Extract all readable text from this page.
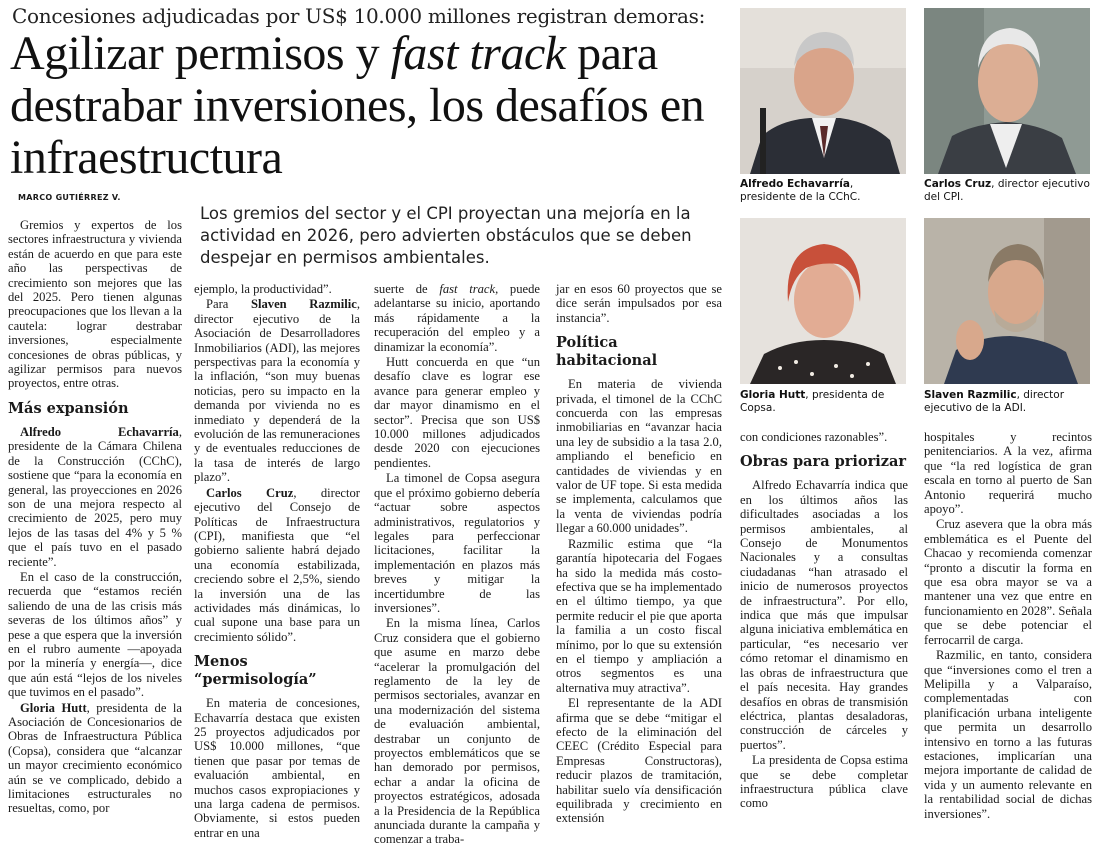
Concesiones adjudicadas por US$ 10.000 millones registran demoras:
Agilizar permisos y fast track para destrabar inversiones, los desafíos en infraestructura
MARCO GUTIÉRREZ V.
Los gremios del sector y el CPI proyectan una mejoría en la actividad en 2026, pero advierten obstáculos que se deben despejar en permisos ambientales.

Gremios y expertos de los sectores infraestructura y vivienda están de acuerdo en que para este año las perspectivas de crecimiento son mejores que las del 2025. Pero tienen algunas preocupaciones que los llevan a la cautela: lograr destrabar inversiones, especialmente concesiones de obras públicas, y agilizar permisos para nuevos proyectos, entre otras.

Más expansión

Alfredo Echavarría, presidente de la Cámara Chilena de la Construcción (CChC), sostiene que “para la economía en general, las proyecciones en 2026 son de una mejora respecto al crecimiento de 2025, pero muy lejos de las tasas del 4% y 5 % que el país tuvo en el pasado reciente”.

En el caso de la construcción, recuerda que “estamos recién saliendo de una de las crisis más severas de los últimos años” y pese a que espera que la inversión en el rubro aumente —apoyada por la minería y energía—, dice que aún está “lejos de los niveles que tuvimos en el pasado”.

Gloria Hutt, presidenta de la Asociación de Concesionarios de Obras de Infraestructura Pública (Copsa), considera que “alcanzar un mayor crecimiento económico aún se ve complicado, debido a limitaciones estructurales no resueltas, como, por

ejemplo, la productividad”.

Para Slaven Razmilic, director ejecutivo de la Asociación de Desarrolladores Inmobiliarios (ADI), las mejores perspectivas para la economía y la inflación, “son muy buenas noticias, pero su impacto en la demanda por vivienda no es inmediato y dependerá de la evolución de las remuneraciones y de eventuales reducciones de la tasa de interés de largo plazo”.

Carlos Cruz, director ejecutivo del Consejo de Políticas de Infraestructura (CPI), manifiesta que “el gobierno saliente habrá dejado una economía estabilizada, creciendo sobre el 2,5%, siendo la inversión una de las actividades más dinámicas, lo cual supone una base para un crecimiento sólido”.

Menos “permisología”

En materia de concesiones, Echavarría destaca que existen 25 proyectos adjudicados por US$ 10.000 millones, “que tienen que pasar por temas de evaluación ambiental, en muchos casos expropiaciones y una larga cadena de permisos. Obviamente, si estos pueden entrar en una

suerte de fast track, puede adelantarse su inicio, aportando más rápidamente a la recuperación del empleo y a dinamizar la economía”.

Hutt concuerda en que “un desafío clave es lograr ese avance para generar empleo y dar mayor dinamismo en el sector”. Precisa que son US$ 10.000 millones adjudicados desde 2020 con ejecuciones pendientes.

La timonel de Copsa asegura que el próximo gobierno debería “actuar sobre aspectos administrativos, regulatorios y legales para perfeccionar licitaciones, facilitar la implementación en plazos más breves y mitigar la incertidumbre de las inversiones”.

En la misma línea, Carlos Cruz considera que el gobierno que asume en marzo debe “acelerar la promulgación del reglamento de la ley de permisos sectoriales, avanzar en una modernización del sistema de evaluación ambiental, destrabar un conjunto de proyectos emblemáticos que se han demorado por permisos, echar a andar la oficina de proyectos estratégicos, adosada a la Presidencia de la República anunciada durante la campaña y comenzar a traba-

jar en esos 60 proyectos que se dice serán impulsados por esa instancia”.

Política habitacional

En materia de vivienda privada, el timonel de la CChC concuerda con las empresas inmobiliarias en “avanzar hacia una ley de subsidio a la tasa 2.0, ampliando el beneficio en cantidades de viviendas y en valor de UF tope. Si esta medida se implementa, calculamos que la venta de viviendas podría llegar a 60.000 unidades”.

Razmilic estima que “la garantía hipotecaria del Fogaes ha sido la medida más costo-efectiva que se ha implementado en el último tiempo, ya que permite reducir el pie que aporta la familia a un costo fiscal mínimo, por lo que su extensión en el tiempo y ampliación a otros segmentos es una alternativa muy atractiva”.

El representante de la ADI afirma que se debe “mitigar el efecto de la eliminación del CEEC (Crédito Especial para Empresas Constructoras), reducir plazos de tramitación, habilitar suelo vía densificación equilibrada y crecimiento en extensión

con condiciones razonables”.

Obras para priorizar

Alfredo Echavarría indica que en los últimos años las dificultades asociadas a los permisos ambientales, al Consejo de Monumentos Nacionales y a consultas ciudadanas “han atrasado el inicio de numerosos proyectos de infraestructura”. Por ello, indica que más que impulsar alguna iniciativa emblemática en particular, “es necesario ver cómo retomar el dinamismo en las obras de infraestructura que el país necesita. Hay grandes desafíos en obras de transmisión eléctrica, plantas desaladoras, construcción de cárceles y puertos”.

La presidenta de Copsa estima que se debe completar infraestructura pública clave como

hospitales y recintos penitenciarios. A la vez, afirma que “la red logística de gran escala en torno al puerto de San Antonio requerirá mucho apoyo”.

Cruz asevera que la obra más emblemática es el Puente del Chacao y recomienda comenzar “pronto a discutir la forma en que esa obra mayor se va a mantener una vez que entre en funcionamiento en 2028”. Señala que se debe potenciar el ferrocarril de carga.

Razmilic, en tanto, considera que “inversiones como el tren a Melipilla y a Valparaíso, complementadas con planificación urbana inteligente que permita un desarrollo intensivo en torno a las futuras estaciones, implicarían una mejora importante de calidad de vida y un aumento relevante en la rentabilidad social de dichas inversiones”.

Alfredo Echavarría, presidente de la CChC.
Carlos Cruz, director ejecutivo del CPI.
Gloria Hutt, presidenta de Copsa.
Slaven Razmilic, director ejecutivo de la ADI.
